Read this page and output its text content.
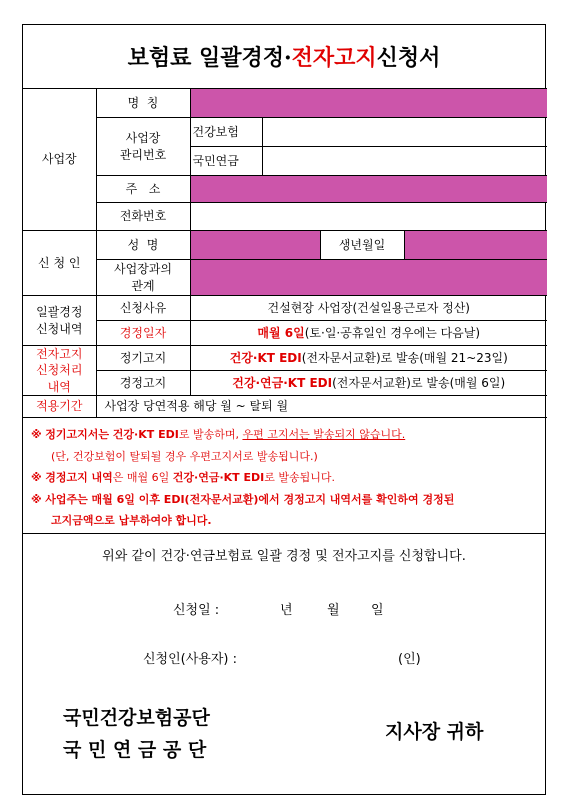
보험료 일괄경정· 전자고지 신청서
사업장	명  칭				
	사업장
관리번호	건강보험			
		국민연금			
	주   소				
	전화번호				
신 청 인	성  명			생년월일	
	사업장과의
관계				
일괄경정
신청내역	신청사유	건설현장 사업장(건설일용근로자 정산)			
	경정일자	매월 6일(토·일·공휴일인 경우에는 다음날)			
전자고지
신청처리
내역	정기고지	건강·KT EDI(전자문서교환)로 발송(매월 21~23일)			
	경정고지	건강·연금·KT EDI(전자문서교환)로 발송(매월 6일)			
적용기간	사업장 당연적용 해당 월 ~ 탈퇴 월				
※ 정기고지서는 건강·KT EDI로 발송하며, 우편 고지서는 발송되지 않습니다.
(단, 건강보험이 탈퇴될 경우 우편고지서로 발송됩니다.)
※ 경정고지 내역은 매월 6일 건강·연금·KT EDI로 발송됩니다.
※ 사업주는 매월 6일 이후 EDI(전자문서교환)에서 경정고지 내역서를 확인하여 경정된
고지금액으로 납부하여야 합니다.
위와 같이 건강·연금보험료 일괄 경정 및 전자고지를 신청합니다.
신청일 :	년	월 일
신청인(사용자) :	(인)
국민건강보험공단
국 민 연 금 공 단
지사장 귀하
